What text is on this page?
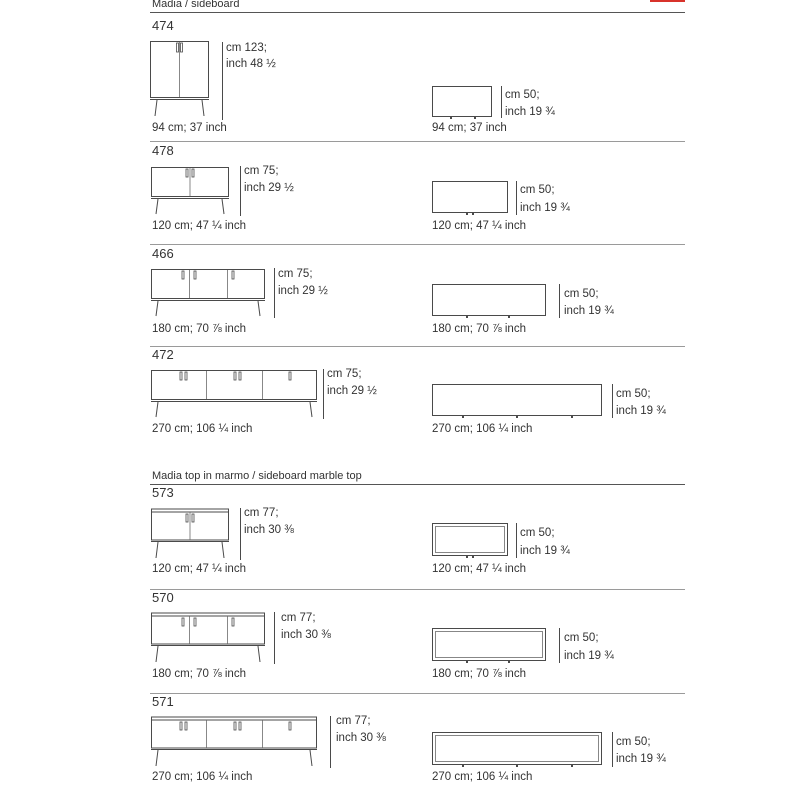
Madia / sideboard
474
cm 123;
inch 48 ½
94 cm; 37 inch
cm 50;
inch 19 ¾
94 cm; 37 inch
478
cm 75;
inch 29 ½
120 cm; 47 ¼ inch
cm 50;
inch 19 ¾
120 cm; 47 ¼ inch
466
cm 75;
inch 29 ½
180 cm; 70 ⅞ inch
cm 50;
inch 19 ¾
180 cm; 70 ⅞ inch
472
cm 75;
inch 29 ½
270 cm; 106 ¼ inch
cm 50;
inch 19 ¾
270 cm; 106 ¼ inch
Madia top in marmo / sideboard marble top
573
cm 77;
inch 30 ⅜
120 cm; 47 ¼ inch
cm 50;
inch 19 ¾
120 cm; 47 ¼ inch
570
cm 77;
inch 30 ⅜
180 cm; 70 ⅞ inch
cm 50;
inch 19 ¾
180 cm; 70 ⅞ inch
571
cm 77;
inch 30 ⅜
270 cm; 106 ¼ inch
cm 50;
inch 19 ¾
270 cm; 106 ¼ inch
